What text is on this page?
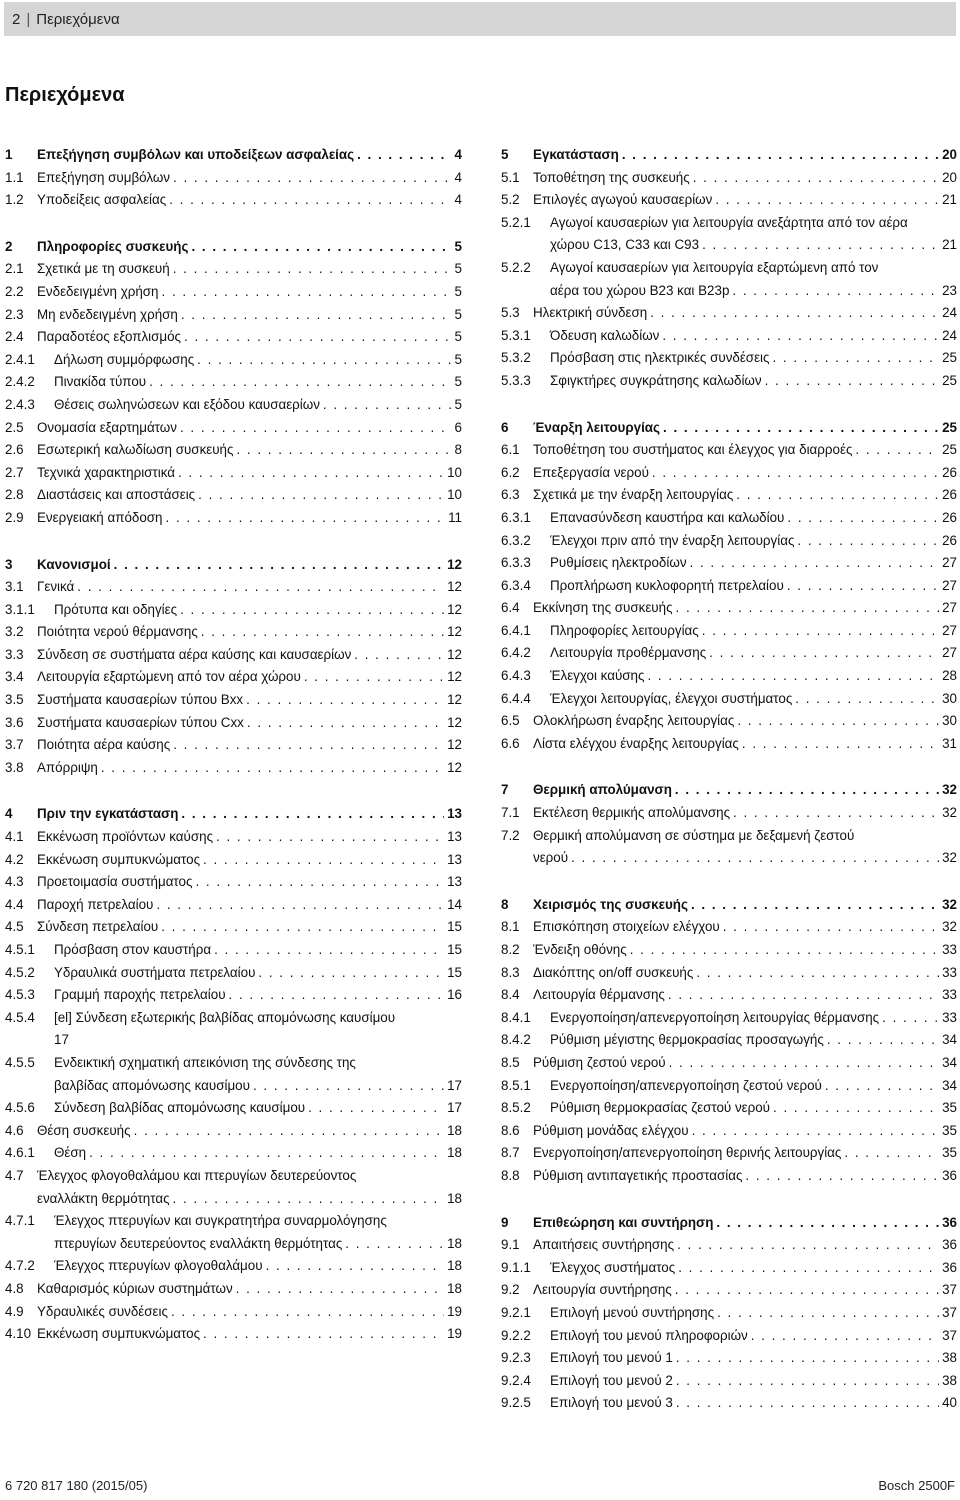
2 | Περιεχόμενα
Περιεχόμενα
1	Επεξήγηση συμβόλων και υποδείξεων ασφαλείας . . .	4
1.1 Επεξήγηση συμβόλων . . .	4
1.2 Υποδείξεις ασφαλείας . . .	4
2	Πληροφορίες συσκευής . . .	5
2.1 Σχετικά με τη συσκευή . . .	5
2.2 Ενδεδειγμένη χρήση . . .	5
2.3 Μη ενδεδειγμένη χρήση . . .	5
2.4 Παραδοτέος εξοπλισμός . . .	5
2.4.1	Δήλωση συμμόρφωσης . . .	5
2.4.2	Πινακίδα τύπου . . .	5
2.4.3	Θέσεις σωληνώσεων και εξόδου καυσαερίων . . .	5
2.5 Ονομασία εξαρτημάτων . . .	6
2.6 Εσωτερική καλωδίωση συσκευής . . .	8
2.7 Τεχνικά χαρακτηριστικά . . .	10
2.8 Διαστάσεις και αποστάσεις . . .	10
2.9 Ενεργειακή απόδοση . . .	11
3	Κανονισμοί . . .	12
3.1 Γενικά . . .	12
3.1.1	Πρότυπα και οδηγίες . . .	12
3.2 Ποιότητα νερού θέρμανσης . . .	12
3.3 Σύνδεση σε συστήματα αέρα καύσης και καυσαερίων . . .	12
3.4 Λειτουργία εξαρτώμενη από τον αέρα χώρου . . .	12
3.5 Συστήματα καυσαερίων τύπου Bxx . . .	12
3.6 Συστήματα καυσαερίων τύπου Cxx . . .	12
3.7 Ποιότητα αέρα καύσης . . .	12
3.8 Απόρριψη . . .	12
4	Πριν την εγκατάσταση . . .	13
4.1 Εκκένωση προϊόντων καύσης . . .	13
4.2 Εκκένωση συμπυκνώματος . . .	13
4.3 Προετοιμασία συστήματος . . .	13
4.4 Παροχή πετρελαίου . . .	14
4.5 Σύνδεση πετρελαίου . . .	15
4.5.1	Πρόσβαση στον καυστήρα . . .	15
4.5.2	Υδραυλικά συστήματα πετρελαίου . . .	15
4.5.3	Γραμμή παροχής πετρελαίου . . .	16
4.5.4	[el] Σύνδεση εξωτερικής βαλβίδας απομόνωσης καυσίμου
17
4.5.5	Ενδεικτική σχηματική απεικόνιση της σύνδεσης της
βαλβίδας απομόνωσης καυσίμου . . .	17
4.5.6	Σύνδεση βαλβίδας απομόνωσης καυσίμου . . .	17
4.6 Θέση συσκευής . . .	18
4.6.1	Θέση . . .	18
4.7 Έλεγχος φλογοθαλάμου και πτερυγίων δευτερεύοντος
εναλλάκτη θερμότητας . . .	18
4.7.1	Έλεγχος πτερυγίων και συγκρατητήρα συναρμολόγησης
πτερυγίων δευτερεύοντος εναλλάκτη θερμότητας . . .	18
4.7.2	Έλεγχος πτερυγίων φλογοθαλάμου . . .	18
4.8 Καθαρισμός κύριων συστημάτων . . .	18
4.9 Υδραυλικές συνδέσεις . . .	19
4.10 Εκκένωση συμπυκνώματος . . .	19
5	Εγκατάσταση . . .	20
5.1 Τοποθέτηση της συσκευής . . .	20
5.2 Επιλογές αγωγού καυσαερίων . . .	21
5.2.1	Αγωγοί καυσαερίων για λειτουργία ανεξάρτητα από τον αέρα
χώρου C13, C33 και C93 . . .	21
5.2.2	Αγωγοί καυσαερίων για λειτουργία εξαρτώμενη από τον
αέρα του χώρου B23 και B23p . . .	23
5.3 Ηλεκτρική σύνδεση . . .	24
5.3.1	Όδευση καλωδίων . . .	24
5.3.2	Πρόσβαση στις ηλεκτρικές συνδέσεις . . .	25
5.3.3	Σφιγκτήρες συγκράτησης καλωδίων . . .	25
6	Έναρξη λειτουργίας . . .	25
6.1 Τοποθέτηση του συστήματος και έλεγχος για διαρροές . . .	25
6.2 Επεξεργασία νερού . . .	26
6.3 Σχετικά με την έναρξη λειτουργίας . . .	26
6.3.1	Επανασύνδεση καυστήρα και καλωδίου . . .	26
6.3.2	Έλεγχοι πριν από την έναρξη λειτουργίας . . .	26
6.3.3	Ρυθμίσεις ηλεκτροδίων . . .	27
6.3.4	Προπλήρωση κυκλοφορητή πετρελαίου . . .	27
6.4 Εκκίνηση της συσκευής . . .	27
6.4.1	Πληροφορίες λειτουργίας . . .	27
6.4.2	Λειτουργία προθέρμανσης . . .	27
6.4.3	Έλεγχοι καύσης . . .	28
6.4.4	Έλεγχοι λειτουργίας, έλεγχοι συστήματος . . .	30
6.5 Ολοκλήρωση έναρξης λειτουργίας . . .	30
6.6 Λίστα ελέγχου έναρξης λειτουργίας . . .	31
7	Θερμική απολύμανση . . .	32
7.1 Εκτέλεση θερμικής απολύμανσης . . .	32
7.2 Θερμική απολύμανση σε σύστημα με δεξαμενή ζεστού
νερού . . .	32
8	Χειρισμός της συσκευής . . .	32
8.1 Επισκόπηση στοιχείων ελέγχου . . .	32
8.2 Ένδειξη οθόνης . . .	33
8.3 Διακόπτης on/off συσκευής . . .	33
8.4 Λειτουργία θέρμανσης . . .	33
8.4.1	Ενεργοποίηση/απενεργοποίηση λειτουργίας θέρμανσης . . .	33
8.4.2	Ρύθμιση μέγιστης θερμοκρασίας προσαγωγής . . .	34
8.5 Ρύθμιση ζεστού νερού . . .	34
8.5.1	Ενεργοποίηση/απενεργοποίηση ζεστού νερού . . .	34
8.5.2	Ρύθμιση θερμοκρασίας ζεστού νερού . . .	35
8.6 Ρύθμιση μονάδας ελέγχου . . .	35
8.7 Ενεργοποίηση/απενεργοποίηση θερινής λειτουργίας . . .	35
8.8 Ρύθμιση αντιπαγετικής προστασίας . . .	36
9	Επιθεώρηση και συντήρηση . . .	36
9.1 Απαιτήσεις συντήρησης . . .	36
9.1.1	Έλεγχος συστήματος . . .	36
9.2 Λειτουργία συντήρησης . . .	37
9.2.1	Επιλογή μενού συντήρησης . . .	37
9.2.2	Επιλογή του μενού πληροφοριών . . .	37
9.2.3	Επιλογή του μενού 1 . . .	38
9.2.4	Επιλογή του μενού 2 . . .	38
9.2.5	Επιλογή του μενού 3 . . .	40
6 720 817 180 (2015/05)	Bosch 2500F
